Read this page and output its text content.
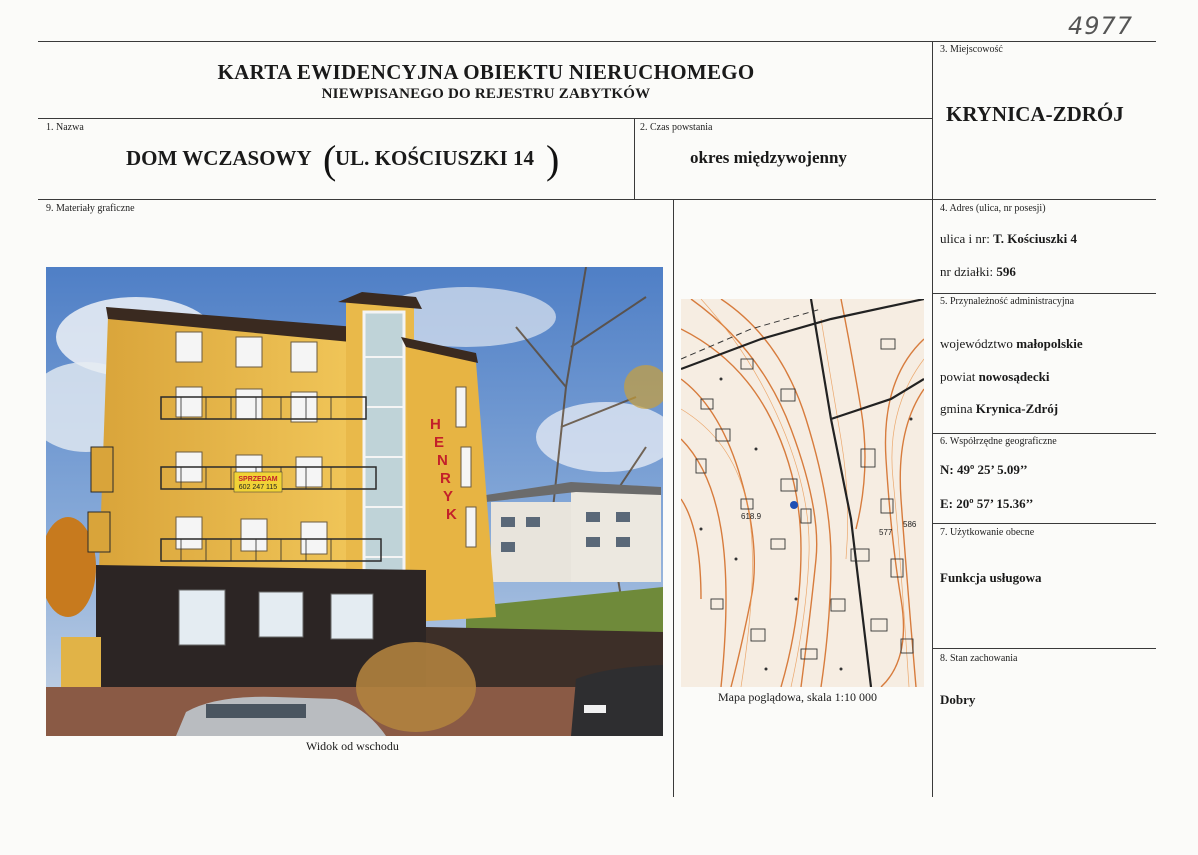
4977
KARTA EWIDENCYJNA OBIEKTU NIERUCHOMEGO
NIEWPISANEGO DO REJESTRU ZABYTKÓW
1. Nazwa
DOM WCZASOWY (
UL. KOŚCIUSZKI 14 )
2. Czas powstania
okres międzywojenny
3. Miejscowość
KRYNICA-ZDRÓJ
4. Adres (ulica, nr posesji)
ulica i nr: T. Kościuszki 4
nr działki: 596
5. Przynależność administracyjna
województwo małopolskie
powiat nowosądecki
gmina Krynica-Zdrój
6. Współrzędne geograficzne
N: 49º 25’ 5.09’’
E: 20º 57’ 15.36’’
7. Użytkowanie obecne
Funkcja usługowa
8. Stan zachowania
Dobry
9. Materiały graficzne
SPRZEDAM
602 247 115
H
E
N
R
Y
K
Widok od wschodu
618.9
586
577
Mapa poglądowa, skala 1:10 000
